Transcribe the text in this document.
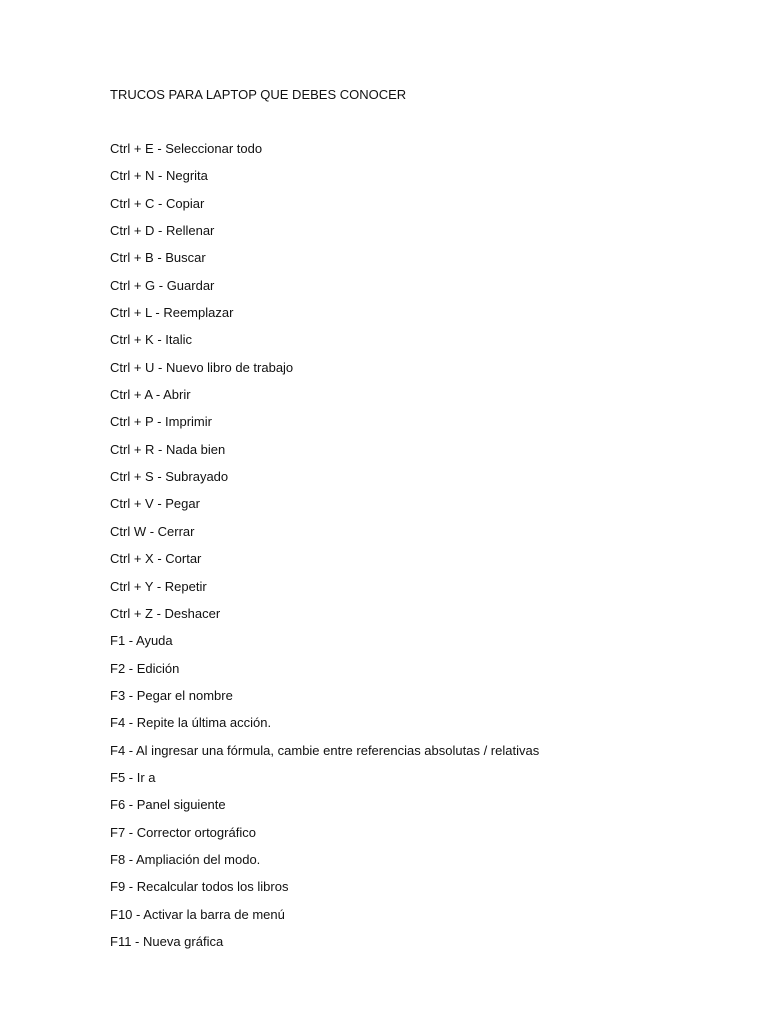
TRUCOS PARA LAPTOP QUE DEBES CONOCER
Ctrl + E - Seleccionar todo
Ctrl + N - Negrita
Ctrl + C - Copiar
Ctrl + D - Rellenar
Ctrl + B - Buscar
Ctrl + G - Guardar
Ctrl + L - Reemplazar
Ctrl + K - Italic
Ctrl + U - Nuevo libro de trabajo
Ctrl + A - Abrir
Ctrl + P - Imprimir
Ctrl + R - Nada bien
Ctrl + S - Subrayado
Ctrl + V - Pegar
Ctrl W - Cerrar
Ctrl + X - Cortar
Ctrl + Y - Repetir
Ctrl + Z - Deshacer
F1 - Ayuda
F2 - Edición
F3 - Pegar el nombre
F4 - Repite la última acción.
F4 - Al ingresar una fórmula, cambie entre referencias absolutas / relativas
F5 - Ir a
F6 - Panel siguiente
F7 - Corrector ortográfico
F8 - Ampliación del modo.
F9 - Recalcular todos los libros
F10 - Activar la barra de menú
F11 - Nueva gráfica
